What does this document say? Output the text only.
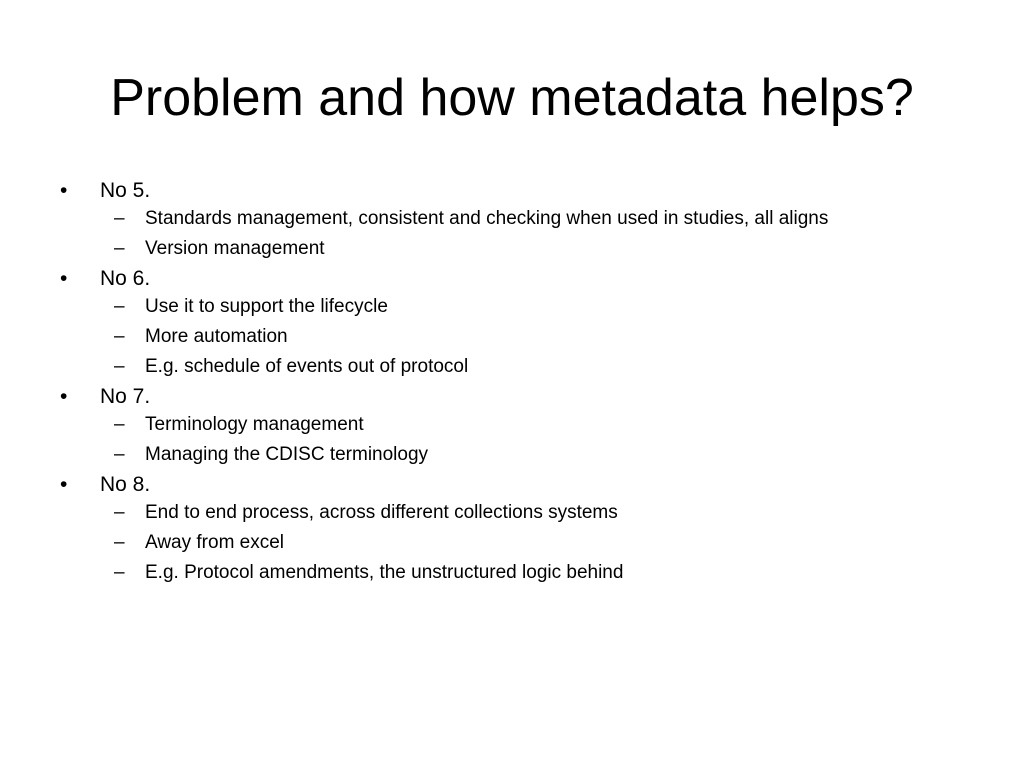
Problem and how metadata helps?
•	No 5.
– Standards management, consistent and checking when used in studies, all aligns
– Version management
•	No 6.
– Use it to support the lifecycle
– More automation
– E.g. schedule of events out of protocol
•	No 7.
– Terminology management
– Managing the CDISC terminology
•	No 8.
– End to end process, across different collections systems
– Away from excel
– E.g. Protocol amendments, the unstructured logic behind
